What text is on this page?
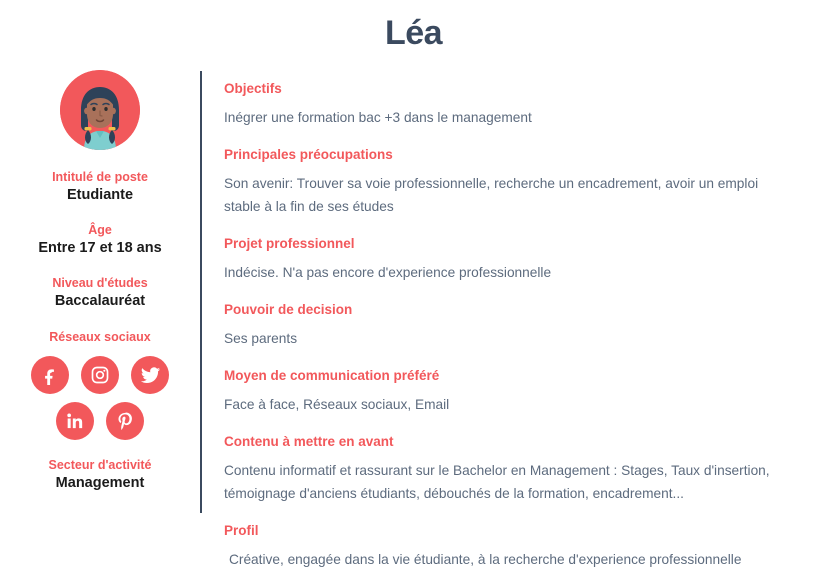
Léa
Intitulé de poste
Etudiante
Âge
Entre 17 et 18 ans
Niveau d'études
Baccalauréat
Réseaux sociaux
Secteur d'activité
Management
Objectifs
Inégrer une formation bac +3 dans le management
Principales préocupations
Son avenir: Trouver sa voie professionnelle, recherche un encadrement, avoir un emploi stable à la fin de ses études
Projet professionnel
Indécise. N'a pas encore d'experience professionnelle
Pouvoir de decision
Ses parents
Moyen de communication préféré
Face à face, Réseaux sociaux, Email
Contenu à mettre en avant
Contenu informatif et rassurant sur le Bachelor en Management : Stages, Taux d'insertion, témoignage d'anciens étudiants, débouchés de la formation, encadrement...
Profil
Créative, engagée dans la vie étudiante, à la recherche d'experience professionnelle
